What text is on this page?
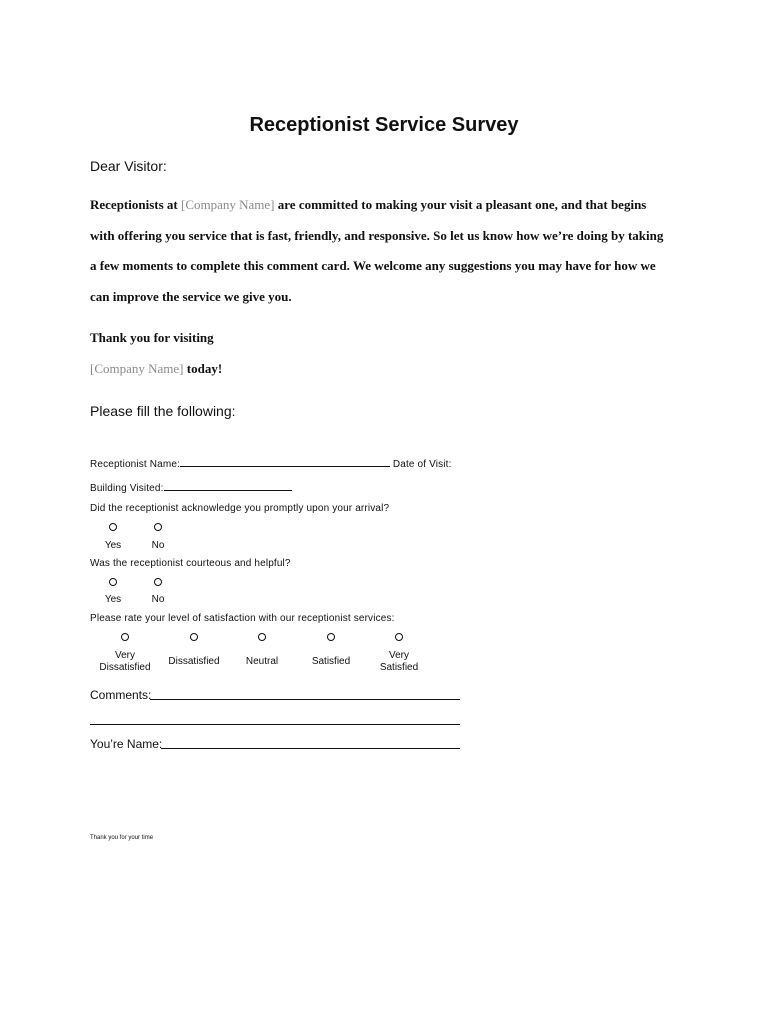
Receptionist Service Survey
Dear Visitor:
Receptionists at [Company Name] are committed to making your visit a pleasant one, and that begins
with offering you service that is fast, friendly, and responsive. So let us know how we’re doing by taking
a few moments to complete this comment card. We welcome any suggestions you may have for how we
can improve the service we give you.
Thank you for visiting
[Company Name] today!
Please fill the following:
Receptionist Name:	Date of Visit:
Building Visited:
Did the receptionist acknowledge you promptly upon your arrival?
Yes	No
Was the receptionist courteous and helpful?
Yes	No
Please rate your level of satisfaction with our receptionist services:
Very
Dissatisfied
Dissatisfied	Neutral	Satisfied
Very
Satisfied
Comments:
You’re Name:
Thank you for your time
